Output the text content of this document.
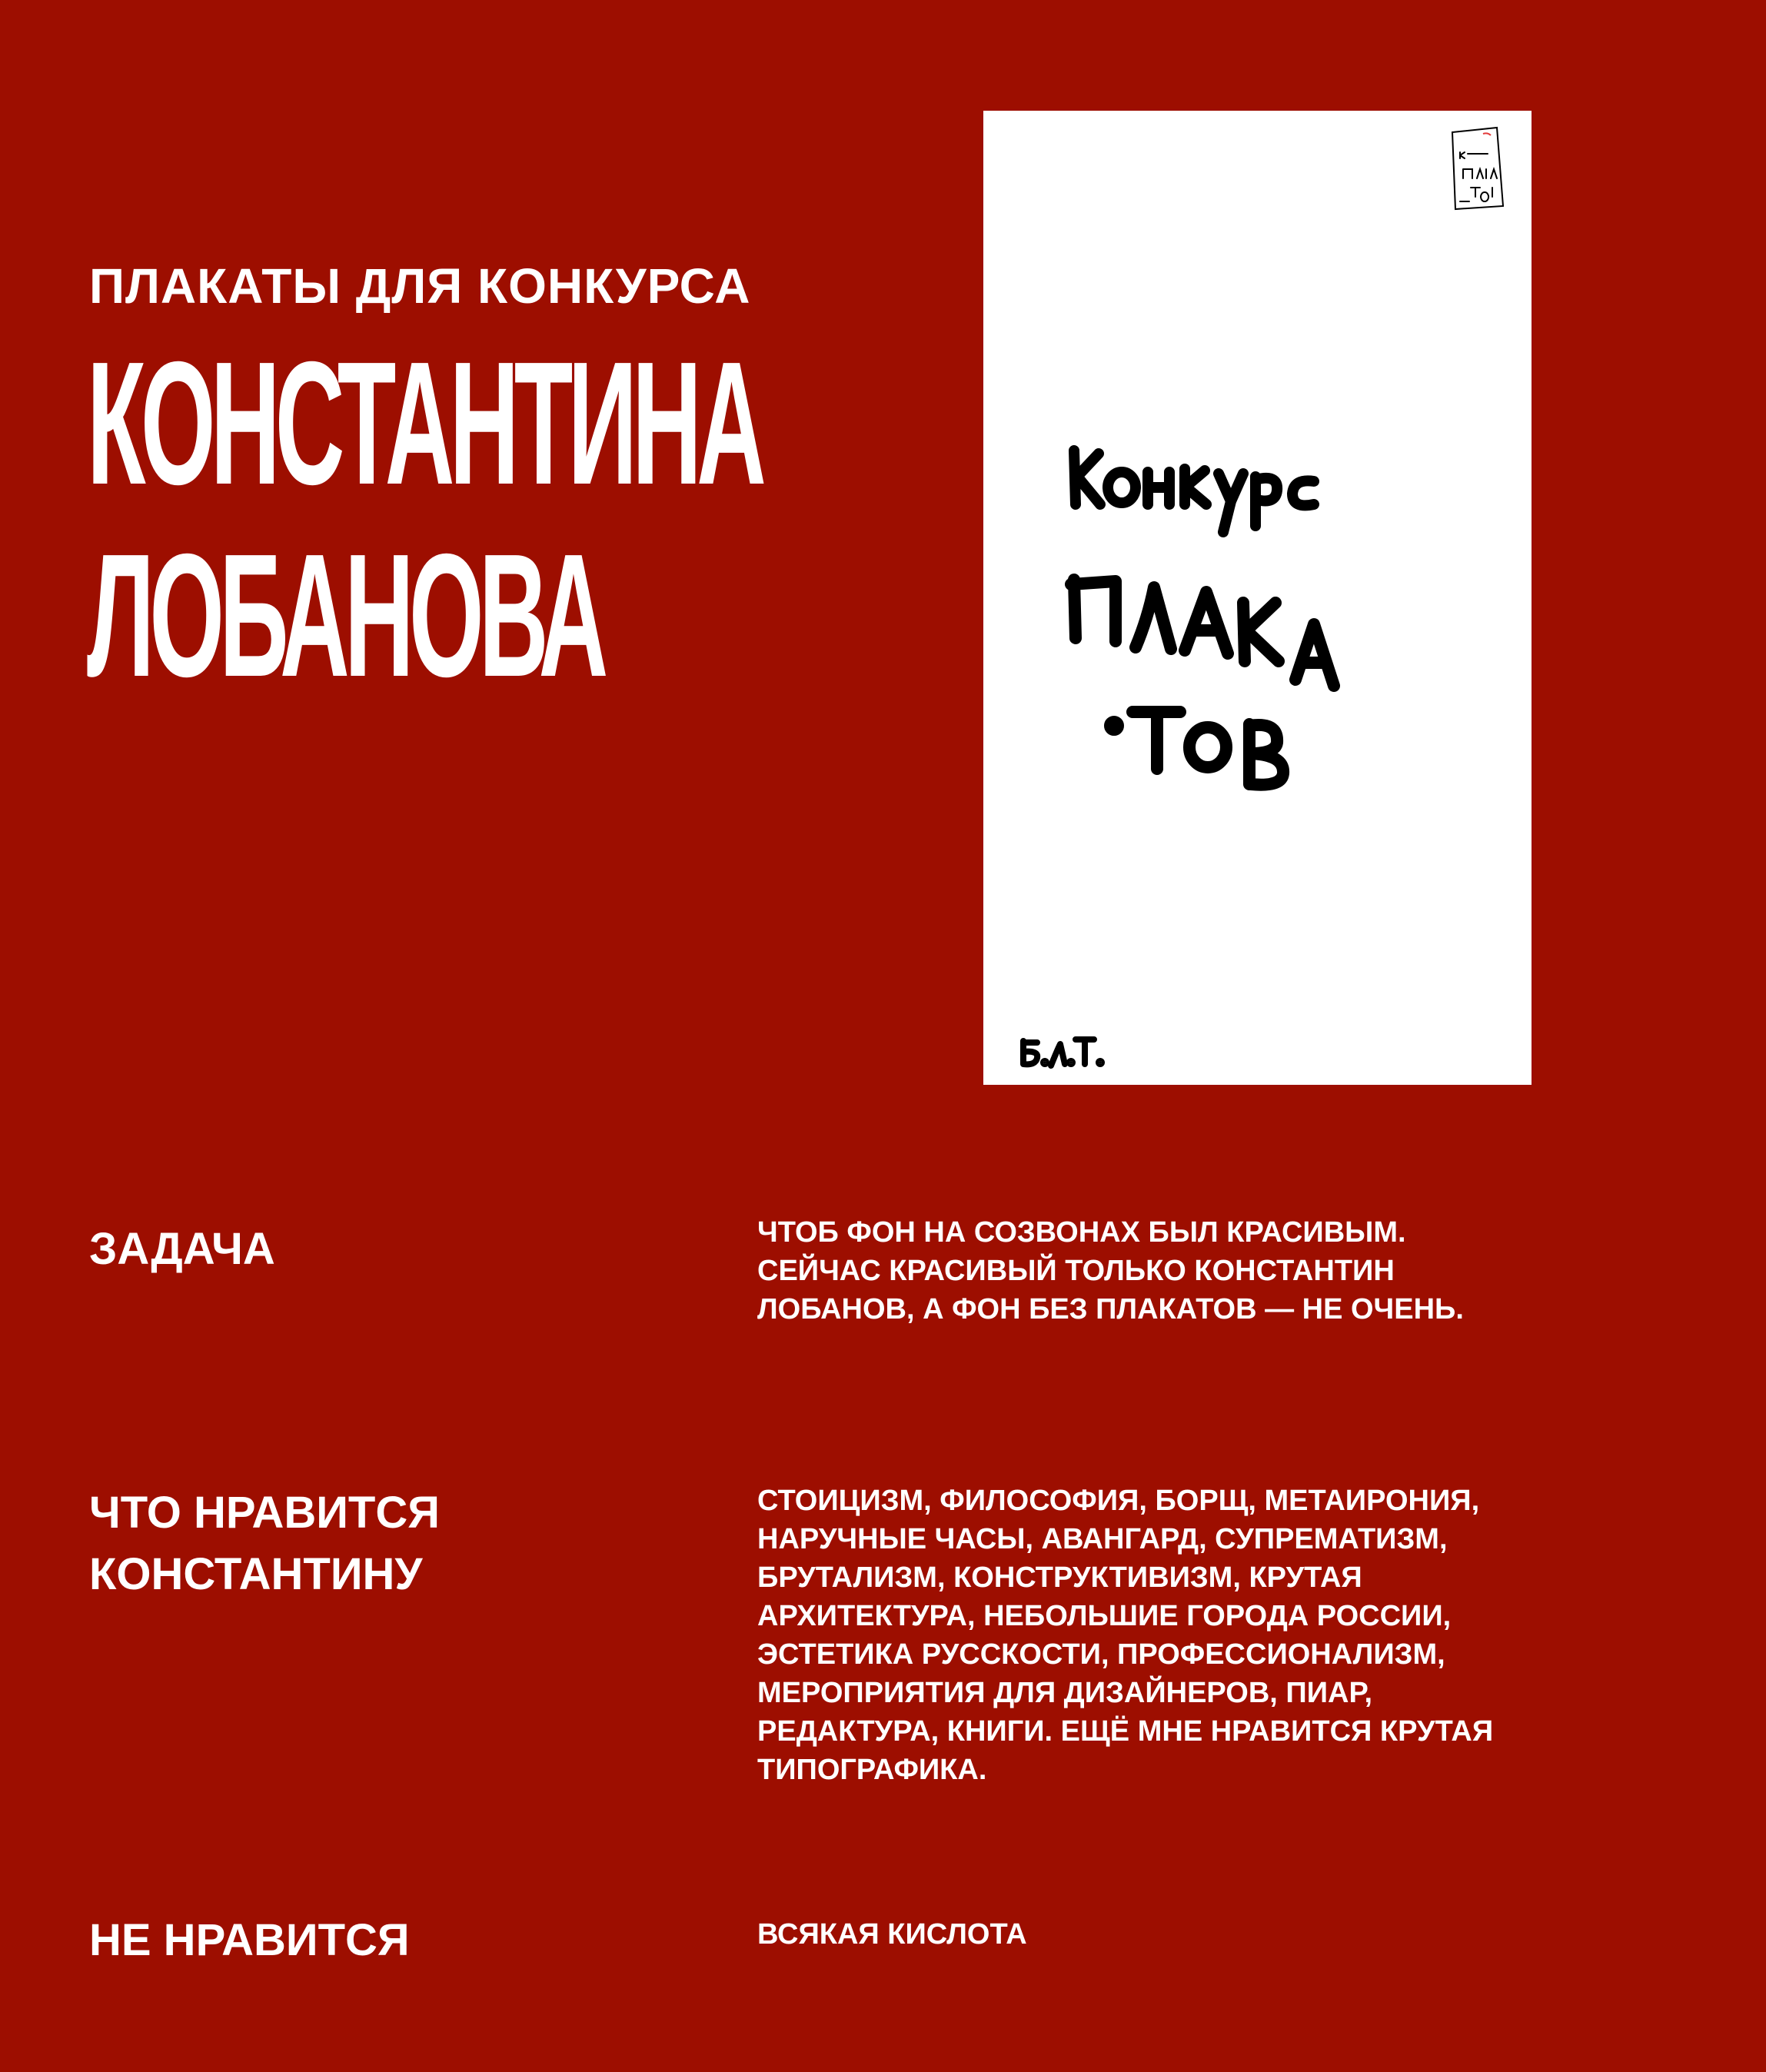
ПЛАКАТЫ ДЛЯ КОНКУРСА
КОНСТАНТИНА
ЛОБАНОВА
ЗАДАЧА	ЧТОБ ФОН НА СОЗВОНАХ БЫЛ КРАСИВЫМ.
СЕЙЧАС КРАСИВЫЙ ТОЛЬКО КОНСТАНТИН
ЛОБАНОВ, А ФОН БЕЗ ПЛАКАТОВ — НЕ ОЧЕНЬ.
ЧТО НРАВИТСЯ
КОНСТАНТИНУ
СТОИЦИЗМ, ФИЛОСОФИЯ, БОРЩ, МЕТАИРОНИЯ,
НАРУЧНЫЕ ЧАСЫ, АВАНГАРД, СУПРЕМАТИЗМ,
БРУТАЛИЗМ, КОНСТРУКТИВИЗМ, КРУТАЯ
АРХИТЕКТУРА, НЕБОЛЬШИЕ ГОРОДА РОССИИ,
ЭСТЕТИКА РУССКОСТИ, ПРОФЕССИОНАЛИЗМ,
МЕРОПРИЯТИЯ ДЛЯ ДИЗАЙНЕРОВ, ПИАР,
РЕДАКТУРА, КНИГИ. ЕЩЁ МНЕ НРАВИТСЯ КРУТАЯ
ТИПОГРАФИКА.
НЕ НРАВИТСЯ	ВСЯКАЯ КИСЛОТА
